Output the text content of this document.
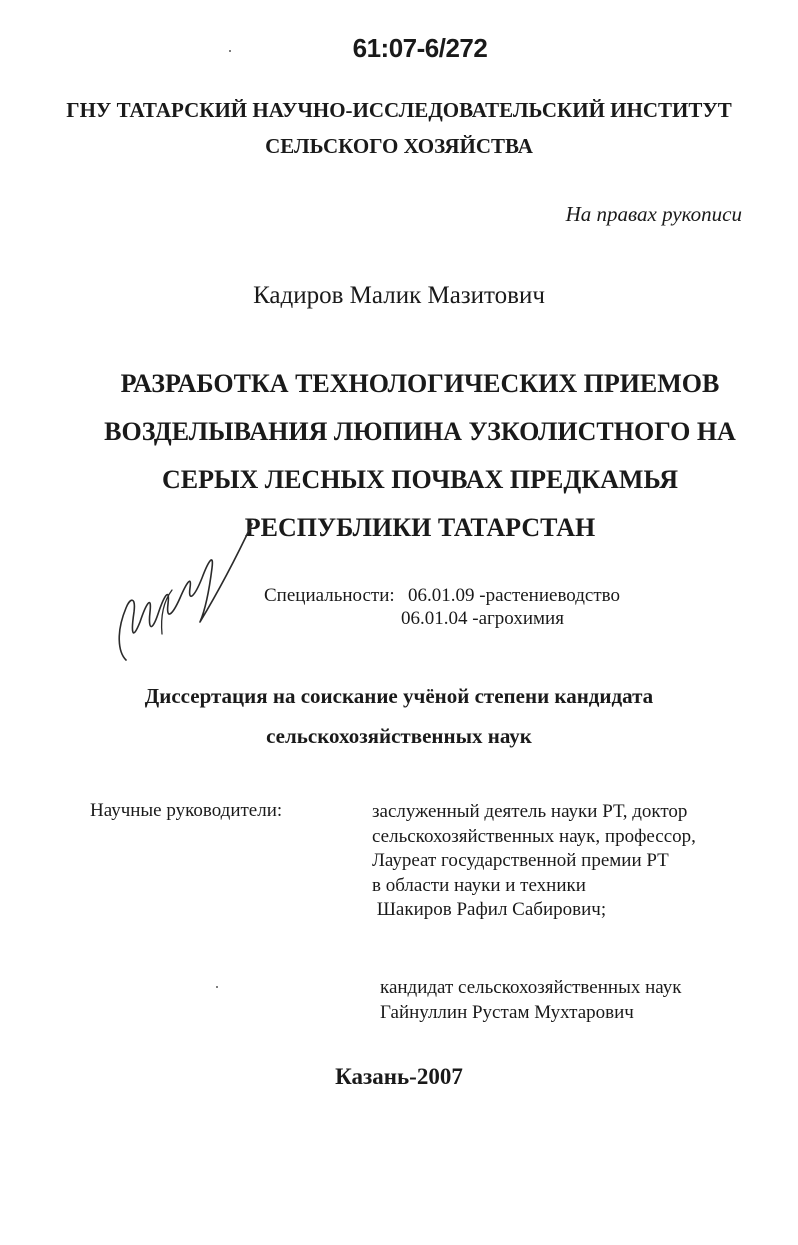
61:07-6/272
ГНУ ТАТАРСКИЙ НАУЧНО-ИССЛЕДОВАТЕЛЬСКИЙ ИНСТИТУТ
СЕЛЬСКОГО ХОЗЯЙСТВА
На правах рукописи
Кадиров Малик Мазитович
РАЗРАБОТКА ТЕХНОЛОГИЧЕСКИХ ПРИЕМОВ
ВОЗДЕЛЫВАНИЯ ЛЮПИНА УЗКОЛИСТНОГО НА
СЕРЫХ ЛЕСНЫХ ПОЧВАХ ПРЕДКАМЬЯ
РЕСПУБЛИКИ ТАТАРСТАН
Специальности: 06.01.09 -растениеводство
06.01.04 -агрохимия
Диссертация на соискание учёной степени кандидата
сельскохозяйственных наук
Научные руководители:	заслуженный деятель науки РТ, доктор
сельскохозяйственных наук, профессор,
Лауреат государственной премии РТ
в области науки и техники
Шакиров Рафил Сабирович;
кандидат сельскохозяйственных наук
Гайнуллин Рустам Мухтарович
Казань-2007
